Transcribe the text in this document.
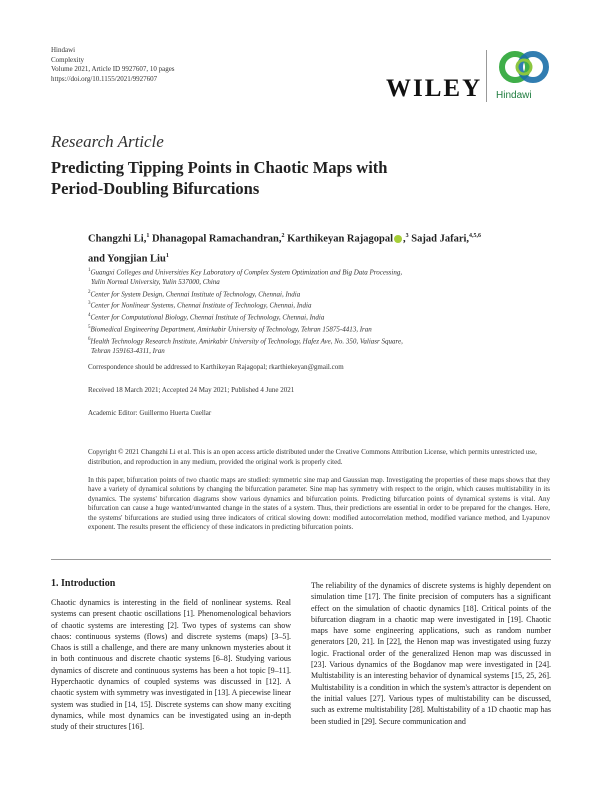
Hindawi
Complexity
Volume 2021, Article ID 9927607, 10 pages
https://doi.org/10.1155/2021/9927607	WILEY Hindawi
Research Article
Predicting Tipping Points in Chaotic Maps with
Period-Doubling Bifurcations
Changzhi Li,$^1$ Dhanagopal Ramachandran,$^2$ Karthikeyan Rajagopal ,$^3$ Sajad Jafari,$^{4,5,6}$
and Yongjian Liu$^1$
$^1$Guangxi Colleges and Universities Key Laboratory of Complex System Optimization and Big Data Processing,
Yulin Normal University, Yulin 537000, China
$^2$Center for System Design, Chennai Institute of Technology, Chennai, India
$^3$Center for Nonlinear Systems, Chennai Institute of Technology, Chennai, India
$^4$Center for Computational Biology, Chennai Institute of Technology, Chennai, India
$^5$Biomedical Engineering Department, Amirkabir University of Technology, Tehran 15875-4413, Iran
$^6$Health Technology Research Institute, Amirkabir University of Technology, Hafez Ave, No. 350, Valiasr Square,
Tehran 159163-4311, Iran
Correspondence should be addressed to Karthikeyan Rajagopal; rkarthiekeyan@gmail.com
Received 18 March 2021; Accepted 24 May 2021; Published 4 June 2021
Academic Editor: Guillermo Huerta Cuellar
Copyright © 2021 Changzhi Li et al. This is an open access article distributed under the Creative Commons Attribution License, which permits unrestricted use, distribution, and reproduction in any medium, provided the original work is properly cited.
In this paper, bifurcation points of two chaotic maps are studied: symmetric sine map and Gaussian map. Investigating the properties of these maps shows that they have a variety of dynamical solutions by changing the bifurcation parameter. Sine map has symmetry with respect to the origin, which causes multistability in its dynamics. The systems' bifurcation diagrams show various dynamics and bifurcation points. Predicting bifurcation points of dynamical systems is vital. Any bifurcation can cause a huge wanted/unwanted change in the states of a system. Thus, their predictions are essential in order to be prepared for the changes. Here, the systems' bifurcations are studied using three indicators of critical slowing down: modified autocorrelation method, modified variance method, and Lyapunov exponent. The results present the efficiency of these indicators in predicting bifurcation points.
1. Introduction

Chaotic dynamics is interesting in the field of nonlinear systems. Real systems can present chaotic oscillations [1]. Phenomenological behaviors of chaotic systems are interesting [2]. Two types of systems can show chaos: continuous systems (flows) and discrete systems (maps) [3–5]. Chaos is still a challenge, and there are many unknown mysteries about it in both continuous and discrete chaotic systems [6–8]. Studying various dynamics of discrete and continuous systems has been a hot topic [9–11]. Hyperchaotic dynamics of coupled systems was discussed in [12]. A chaotic system with symmetry was investigated in [13]. A piecewise linear system was studied in [14, 15]. Discrete systems can show many exciting dynamics, while most dynamics can be investigated using an in-depth study of their structures [16].

The reliability of the dynamics of discrete systems is highly dependent on simulation time [17]. The finite precision of computers has a significant effect on the simulation of chaotic dynamics [18]. Critical points of the bifurcation diagram in a chaotic map were investigated in [19]. Chaotic maps have some engineering applications, such as random number generators [20, 21]. In [22], the Henon map was investigated using fuzzy logic. Fractional order of the generalized Henon map was discussed in [23]. Various dynamics of the Bogdanov map were investigated in [24]. Multistability is an interesting behavior of dynamical systems [15, 25, 26]. Multistability is a condition in which the system's attractor is dependent on the initial values [27]. Various types of multistability can be discussed, such as extreme multistability [28]. Multistability of a 1D chaotic map has been studied in [29]. Secure communication and
